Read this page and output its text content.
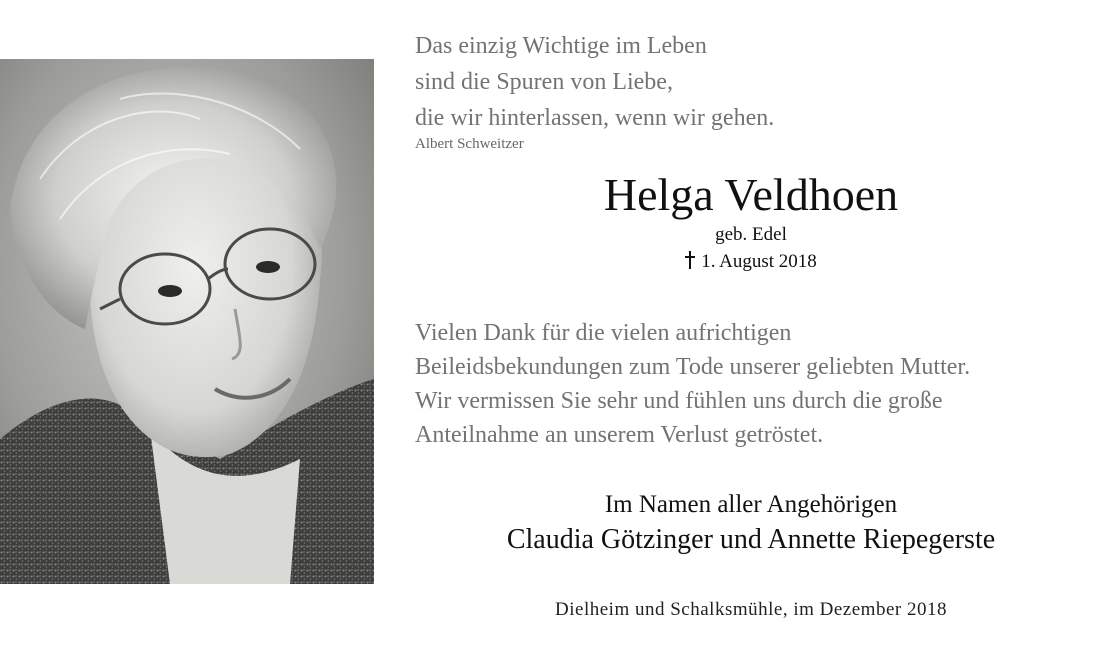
Das einzig Wichtige im Leben
sind die Spuren von Liebe,
die wir hinterlassen, wenn wir gehen.
Albert Schweitzer
Helga Veldhoen
geb. Edel
1. August 2018
Vielen Dank für die vielen aufrichtigen
Beileidsbekundungen zum Tode unserer geliebten Mutter.
Wir vermissen Sie sehr und fühlen uns durch die große
Anteilnahme an unserem Verlust getröstet.
Im Namen aller Angehörigen
Claudia Götzinger und Annette Riepegerste
Dielheim und Schalksmühle, im Dezember 2018
